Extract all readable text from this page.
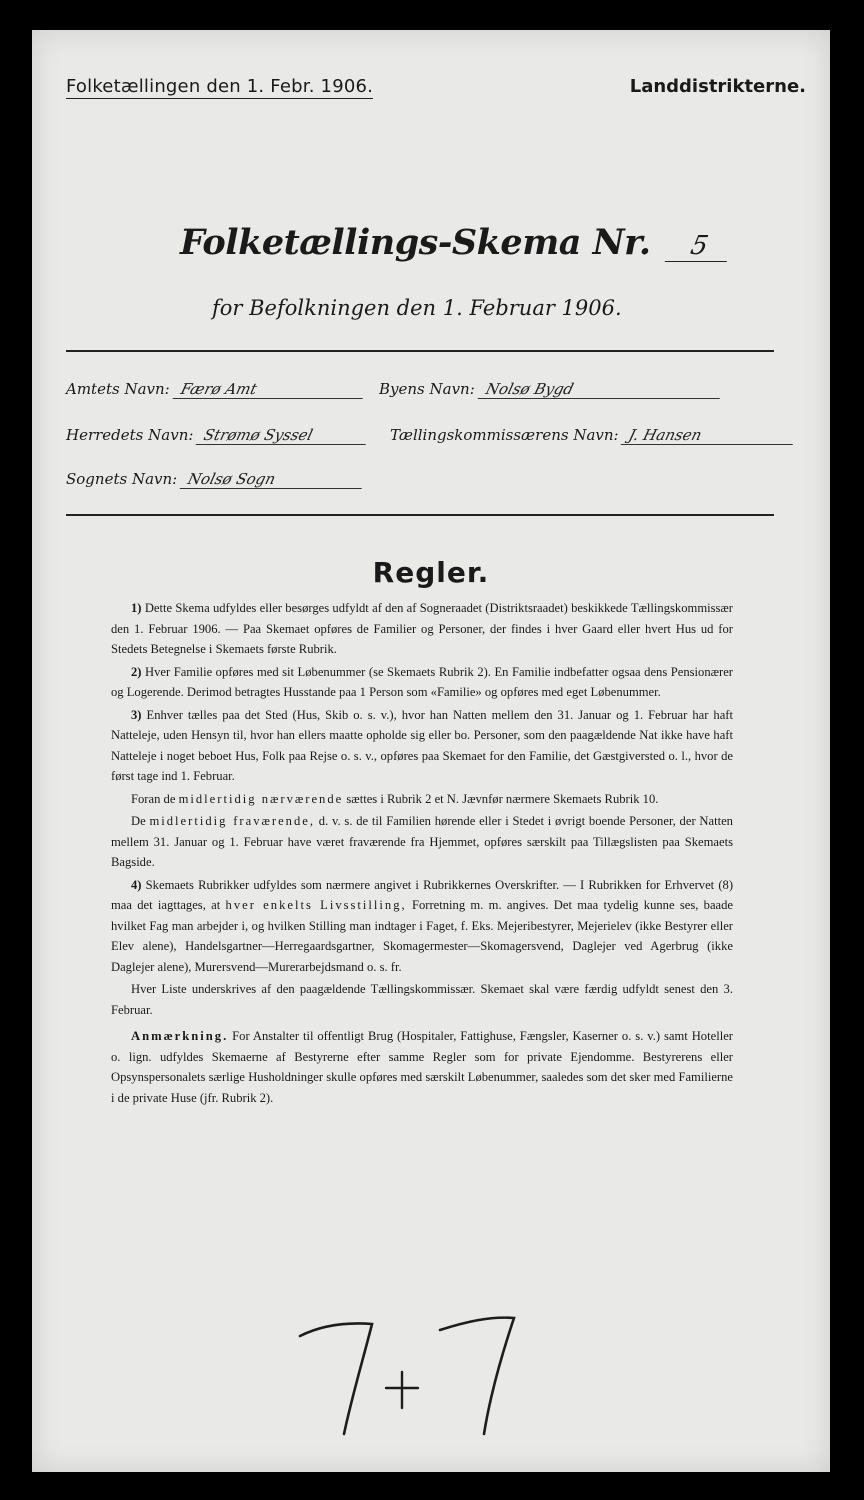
Folketællingen den 1. Febr. 1906.	Landdistrikterne.
Folketællings-Skema Nr. 5
for Befolkningen den 1. Februar 1906.
Amtets Navn: Færø Amt	Byens Navn: Nolsø Bygd
Herredets Navn: Strømø Syssel	Tællingskommissærens Navn: J. Hansen
Sognets Navn: Nolsø Sogn
Regler.

1) Dette Skema udfyldes eller besørges udfyldt af den af Sogneraadet (Distriktsraadet) beskikkede Tællingskommissær den 1. Februar 1906. — Paa Skemaet opføres de Familier og Personer, der findes i hver Gaard eller hvert Hus ud for Stedets Betegnelse i Skemaets første Rubrik.

2) Hver Familie opføres med sit Løbenummer (se Skemaets Rubrik 2). En Familie indbefatter ogsaa dens Pensionærer og Logerende. Derimod betragtes Husstande paa 1 Person som «Familie» og opføres med eget Løbenummer.

3) Enhver tælles paa det Sted (Hus, Skib o. s. v.), hvor han Natten mellem den 31. Januar og 1. Februar har haft Natteleje, uden Hensyn til, hvor han ellers maatte opholde sig eller bo. Personer, som den paagældende Nat ikke have haft Natteleje i noget beboet Hus, Folk paa Rejse o. s. v., opføres paa Skemaet for den Familie, det Gæstgiversted o. l., hvor de først tage ind 1. Februar.

Foran de midlertidig nærværende sættes i Rubrik 2 et N. Jævnfør nærmere Skemaets Rubrik 10.

De midlertidig fraværende, d. v. s. de til Familien hørende eller i Stedet i øvrigt boende Personer, der Natten mellem 31. Januar og 1. Februar have været fraværende fra Hjemmet, opføres særskilt paa Tillægslisten paa Skemaets Bagside.

4) Skemaets Rubrikker udfyldes som nærmere angivet i Rubrikkernes Overskrifter. — I Rubrikken for Erhvervet (8) maa det iagttages, at hver enkelts Livsstilling, Forretning m. m. angives. Det maa tydelig kunne ses, baade hvilket Fag man arbejder i, og hvilken Stilling man indtager i Faget, f. Eks. Mejeribestyrer, Mejerielev (ikke Bestyrer eller Elev alene), Handelsgartner—Herregaardsgartner, Skomagermester—Skomagersvend, Daglejer ved Agerbrug (ikke Daglejer alene), Murersvend—Murerarbejdsmand o. s. fr.

Hver Liste underskrives af den paagældende Tællingskommissær. Skemaet skal være færdig udfyldt senest den 3. Februar.

Anmærkning. For Anstalter til offentligt Brug (Hospitaler, Fattighuse, Fængsler, Kaserner o. s. v.) samt Hoteller o. lign. udfyldes Skemaerne af Bestyrerne efter samme Regler som for private Ejendomme. Bestyrerens eller Opsynspersonalets særlige Husholdninger skulle opføres med særskilt Løbenummer, saaledes som det sker med Familierne i de private Huse (jfr. Rubrik 2).

7+7
